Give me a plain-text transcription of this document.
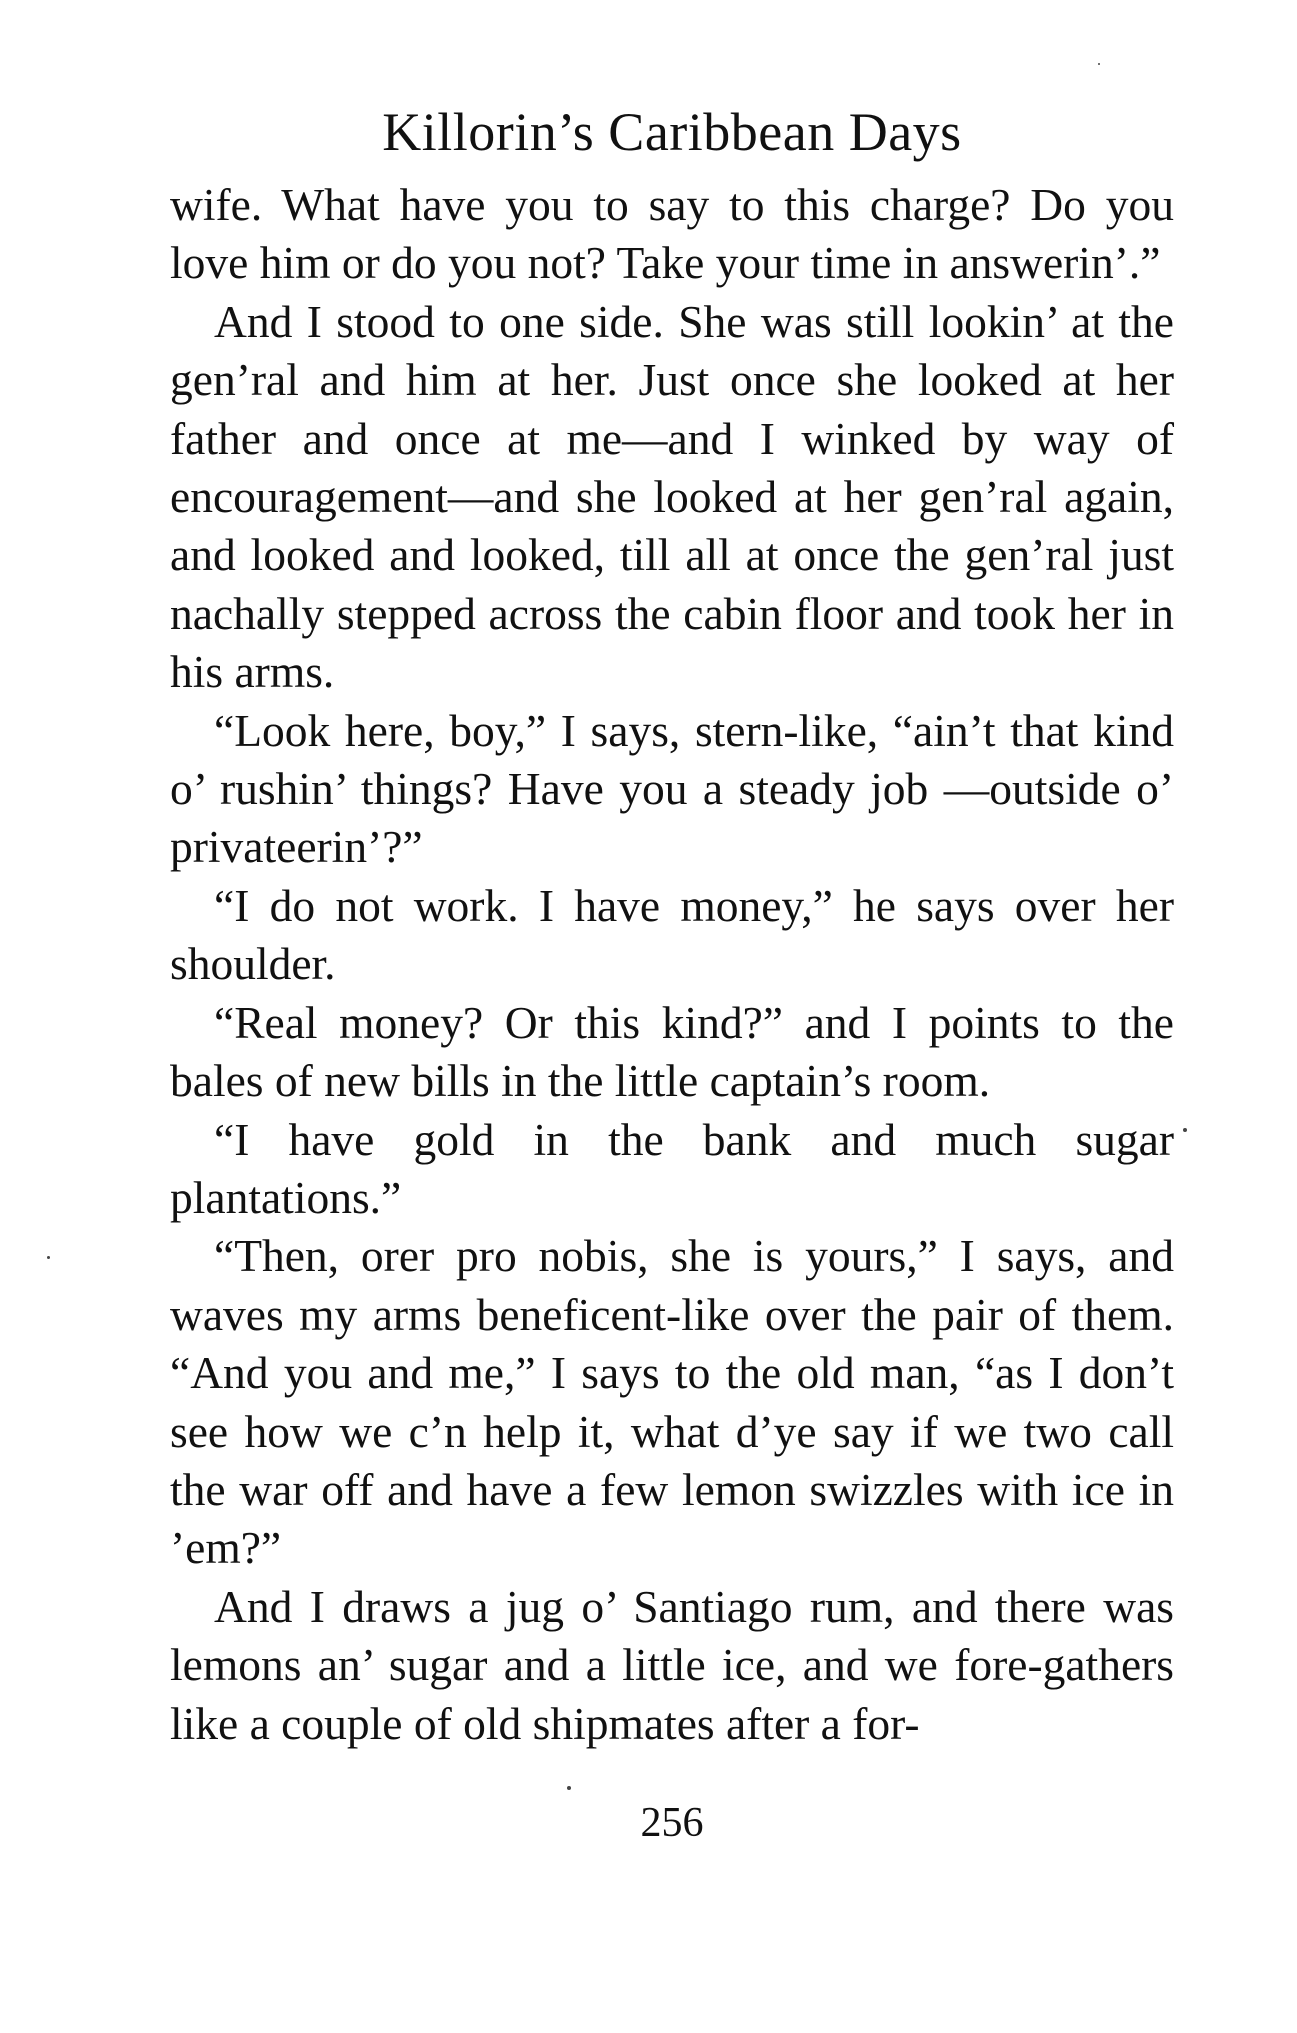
Killorin’s Caribbean Days

wife. What have you to say to this charge? Do you love him or do you not? Take your time in answerin’.”

And I stood to one side. She was still lookin’ at the gen’ral and him at her. Just once she looked at her father and once at me—and I winked by way of encouragement—and she looked at her gen’ral again, and looked and looked, till all at once the gen’ral just nachally stepped across the cabin floor and took her in his arms.

“Look here, boy,” I says, stern-like, “ain’t that kind o’ rushin’ things? Have you a steady job —outside o’ privateerin’?”

“I do not work. I have money,” he says over her shoulder.

“Real money? Or this kind?” and I points to the bales of new bills in the little captain’s room.

“I have gold in the bank and much sugar plantations.”

“Then, orer pro nobis, she is yours,” I says, and waves my arms beneficent-like over the pair of them. “And you and me,” I says to the old man, “as I don’t see how we c’n help it, what d’ye say if we two call the war off and have a few lemon swizzles with ice in ’em?”

And I draws a jug o’ Santiago rum, and there was lemons an’ sugar and a little ice, and we fore-gathers like a couple of old shipmates after a for-

256
